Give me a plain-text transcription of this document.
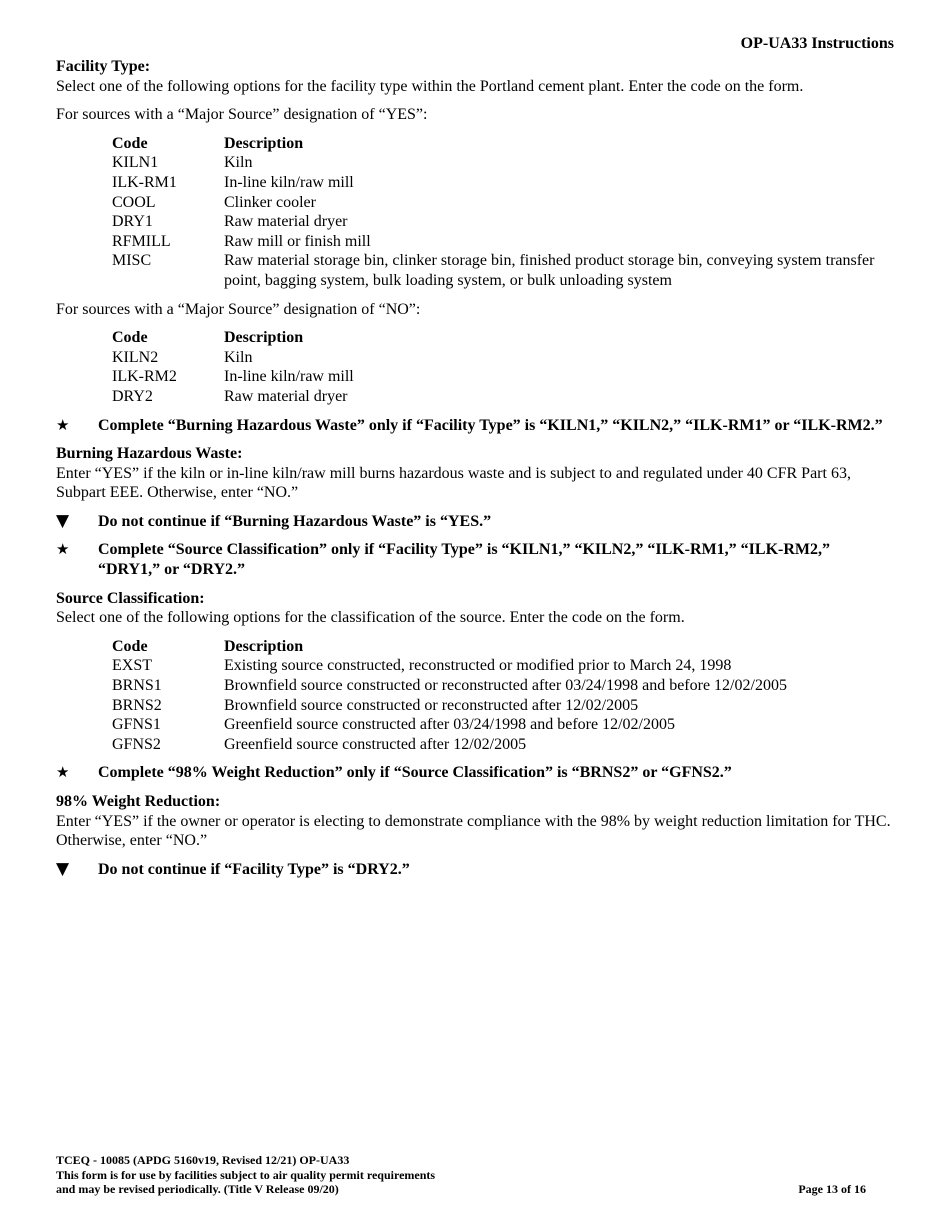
OP-UA33 Instructions

Facility Type:

Select one of the following options for the facility type within the Portland cement plant. Enter the code on the form.

For sources with a “Major Source” designation of “YES”:

Code	Description
KILN1	Kiln
ILK-RM1	In-line kiln/raw mill
COOL	Clinker cooler
DRY1	Raw material dryer
RFMILL	Raw mill or finish mill
MISC	Raw material storage bin, clinker storage bin, finished product storage bin, conveying system transfer point, bagging system, bulk loading system, or bulk unloading system

For sources with a “Major Source” designation of “NO”:

Code	Description
KILN2	Kiln
ILK-RM2	In-line kiln/raw mill
DRY2	Raw material dryer
★	Complete “Burning Hazardous Waste” only if “Facility Type” is “KILN1,” “KILN2,” “ILK-RM1” or “ILK-RM2.”

Burning Hazardous Waste:

Enter “YES” if the kiln or in-line kiln/raw mill burns hazardous waste and is subject to and regulated under 40 CFR Part 63, Subpart EEE. Otherwise, enter “NO.”

▼	Do not continue if “Burning Hazardous Waste” is “YES.”
★	Complete “Source Classification” only if “Facility Type” is “KILN1,” “KILN2,” “ILK-RM1,” “ILK-RM2,” “DRY1,” or “DRY2.”

Source Classification:

Select one of the following options for the classification of the source. Enter the code on the form.

Code	Description
EXST	Existing source constructed, reconstructed or modified prior to March 24, 1998
BRNS1	Brownfield source constructed or reconstructed after 03/24/1998 and before 12/02/2005
BRNS2	Brownfield source constructed or reconstructed after 12/02/2005
GFNS1	Greenfield source constructed after 03/24/1998 and before 12/02/2005
GFNS2	Greenfield source constructed after 12/02/2005
★	Complete “98% Weight Reduction” only if “Source Classification” is “BRNS2” or “GFNS2.”

98% Weight Reduction:

Enter “YES” if the owner or operator is electing to demonstrate compliance with the 98% by weight reduction limitation for THC. Otherwise, enter “NO.”

▼	Do not continue if “Facility Type” is “DRY2.”
TCEQ - 10085 (APDG 5160v19, Revised 12/21) OP-UA33
This form is for use by facilities subject to air quality permit requirements
and may be revised periodically. (Title V Release 09/20)	Page 13 of 16
